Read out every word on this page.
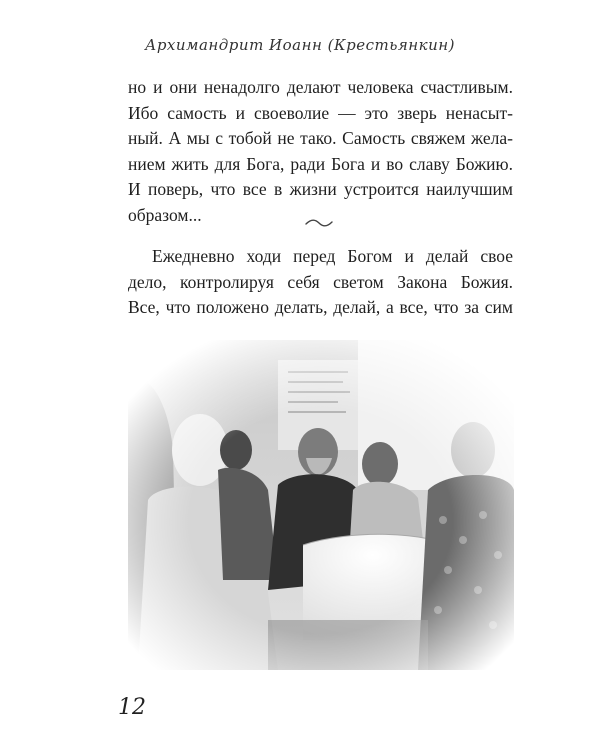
Архимандрит Иоанн (Крестьянкин)
но и они ненадолго делают человека счастливым.
Ибо самость и своеволие — это зверь ненасыт-
ный. А мы с тобой не тако. Самость свяжем жела-
нием жить для Бога, ради Бога и во славу Божию.
И поверь, что все в жизни устроится наилучшим
образом...
Ежедневно ходи перед Богом и делай свое
дело, контролируя себя светом Закона Божия.
Все, что положено делать, делай, а все, что за сим
12
